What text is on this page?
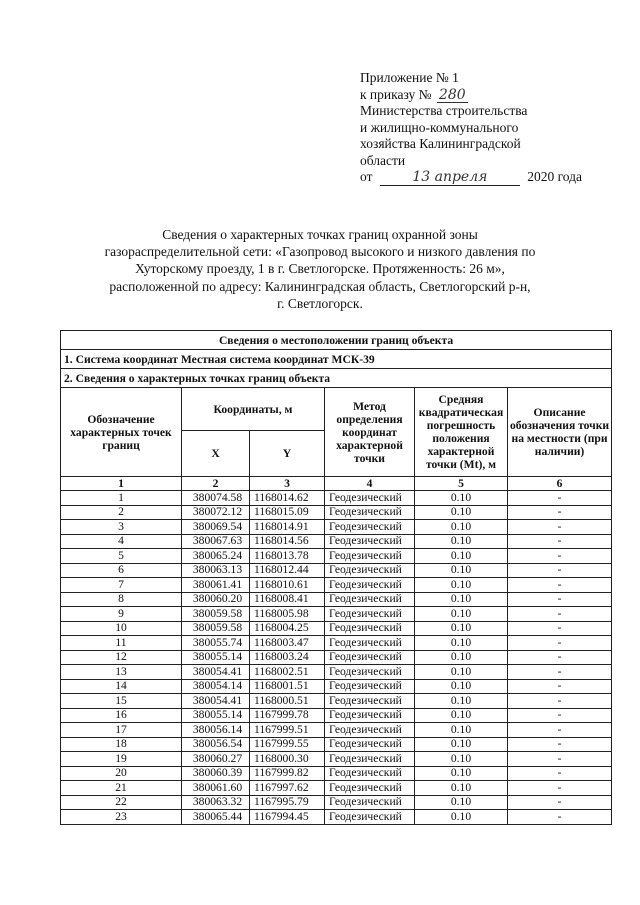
Приложение № 1
к приказу № 280
Министерства строительства
и жилищно-коммунального
хозяйства Калининградской
области
от	13 апреля	2020 года
Сведения о характерных точках границ охранной зоны
газораспределительной сети: «Газопровод высокого и низкого давления по
Хуторскому проезду, 1 в г. Светлогорске. Протяженность: 26 м»,
расположенной по адресу: Калининградская область, Светлогорский р-н,
г. Светлогорск.
Сведения о местоположении границ объекта					
1. Система координат Местная система координат МСК-39					
2. Сведения о характерных точках границ объекта					
Обозначение характерных точек границ	Координаты, м		Метод определения координат характерной точки	Средняя квадратическая погрешность положения характерной точки (Mt), м	Описание обозначения точки на местности (при наличии)
	X	Y			
1	2	3	4	5	6
1	380074.58	1168014.62	Геодезический	0.10	-
2	380072.12	1168015.09	Геодезический	0.10	-
3	380069.54	1168014.91	Геодезический	0.10	-
4	380067.63	1168014.56	Геодезический	0.10	-
5	380065.24	1168013.78	Геодезический	0.10	-
6	380063.13	1168012.44	Геодезический	0.10	-
7	380061.41	1168010.61	Геодезический	0.10	-
8	380060.20	1168008.41	Геодезический	0.10	-
9	380059.58	1168005.98	Геодезический	0.10	-
10	380059.58	1168004.25	Геодезический	0.10	-
11	380055.74	1168003.47	Геодезический	0.10	-
12	380055.14	1168003.24	Геодезический	0.10	-
13	380054.41	1168002.51	Геодезический	0.10	-
14	380054.14	1168001.51	Геодезический	0.10	-
15	380054.41	1168000.51	Геодезический	0.10	-
16	380055.14	1167999.78	Геодезический	0.10	-
17	380056.14	1167999.51	Геодезический	0.10	-
18	380056.54	1167999.55	Геодезический	0.10	-
19	380060.27	1168000.30	Геодезический	0.10	-
20	380060.39	1167999.82	Геодезический	0.10	-
21	380061.60	1167997.62	Геодезический	0.10	-
22	380063.32	1167995.79	Геодезический	0.10	-
23	380065.44	1167994.45	Геодезический	0.10	-
